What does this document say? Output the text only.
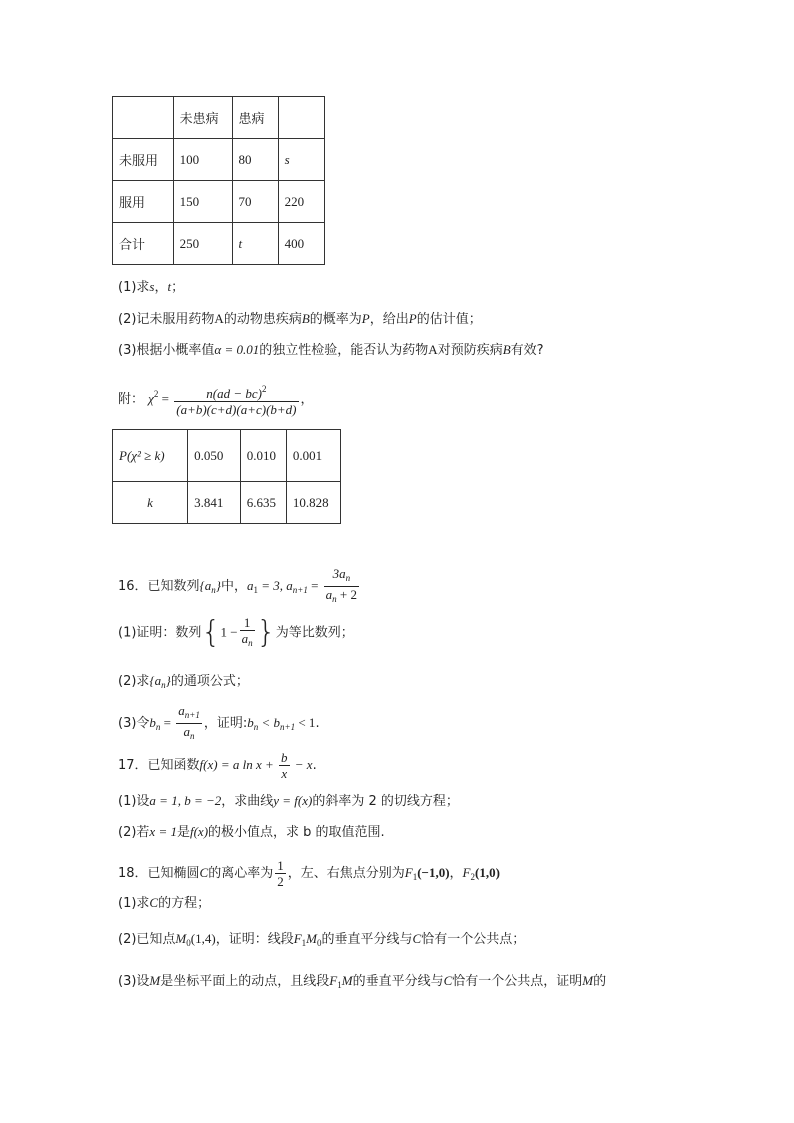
	未患病	患病	
未服用	100	80	s
服用	150	70	220
合计	250	t	400
(1)求s，t；
(2)记未服用药物A的动物患疾病B的概率为P，给出P的估计值；
(3)根据小概率值α = 0.01的独立性检验，能否认为药物A对预防疾病B有效?
附： $\chi^2 = \frac{n(ad - bc)^2}{(a+b)(c+d)(a+c)(b+d)}$ ，
P(χ² ≥ k)	0.050	0.010	0.001
k	3.841	6.635	10.828
16．已知数列$\{a_n\}$中，$a_1 = 3$, $a_{n+1} = \frac{3a_n}{a_n + 2}$
(1)证明：数列{$1 - \frac{1}{a_n}$ }为等比数列；
(2)求$\{a_n\}$的通项公式；
(3)令$b_n = \frac{a_{n+1}}{a_n}$ ，证明$:b_n < b_{n+1} < 1$.
17．已知函数f(x) = a $\ln x + \frac{b}{x} - x$.
(1)设a = 1, b = −2，求曲线y = f(x)的斜率为 2 的切线方程；
(2)若x = 1是f(x)的极小值点，求 b 的取值范围.
18．已知椭圆C的离心率为 $\frac{1}{2}$ ，左、右焦点分别为$F_1(-1,0)$，$F_2(1,0)$
(1)求C的方程；
(2)已知点$M_0(1,4)$，证明：线段$F_1M_0$的垂直平分线与C恰有一个公共点；
(3)设M是坐标平面上的动点，且线段$F_1M$的垂直平分线与C恰有一个公共点，证明M的
